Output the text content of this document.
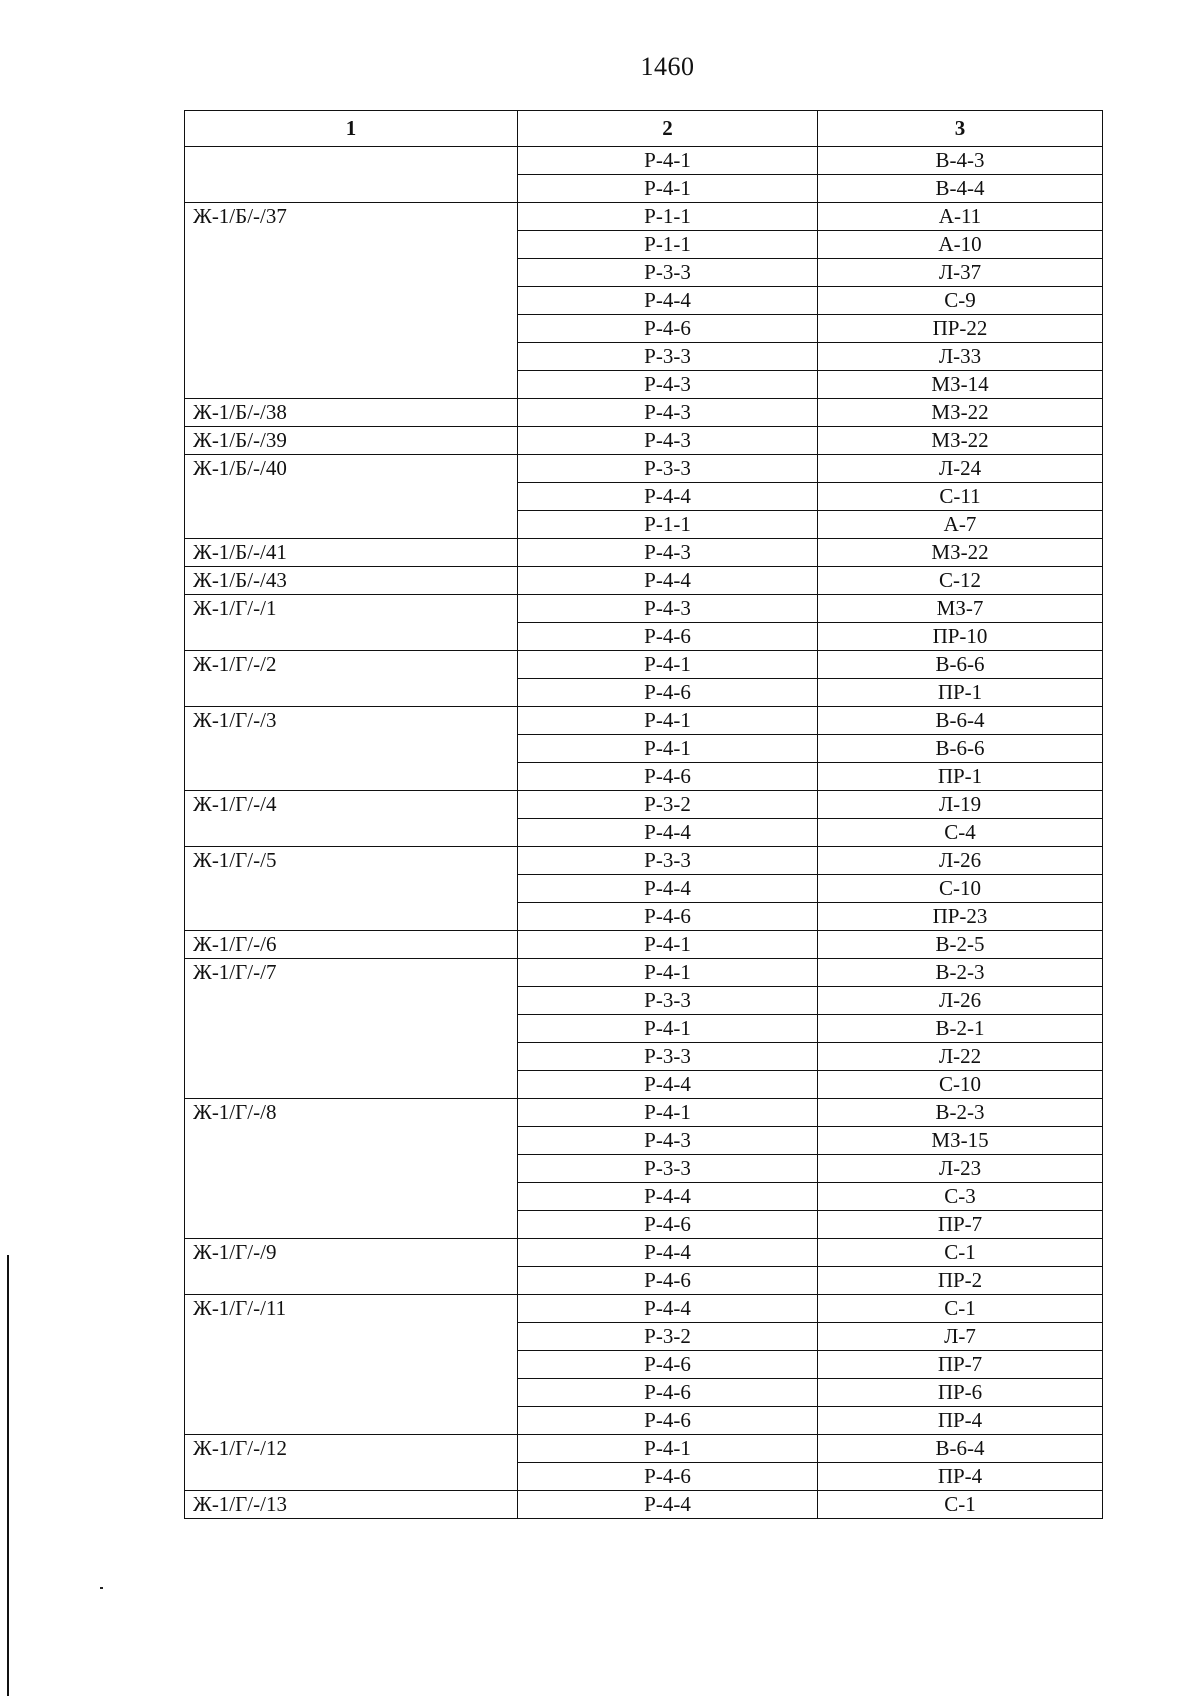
1460
1	2	3
	Р-4-1	В-4-3
	Р-4-1	В-4-4
Ж-1/Б/-/37	Р-1-1	А-11
	Р-1-1	А-10
	Р-3-3	Л-37
	Р-4-4	С-9
	Р-4-6	ПР-22
	Р-3-3	Л-33
	Р-4-3	МЗ-14
Ж-1/Б/-/38	Р-4-3	МЗ-22
Ж-1/Б/-/39	Р-4-3	МЗ-22
Ж-1/Б/-/40	Р-3-3	Л-24
	Р-4-4	С-11
	Р-1-1	А-7
Ж-1/Б/-/41	Р-4-3	МЗ-22
Ж-1/Б/-/43	Р-4-4	С-12
Ж-1/Г/-/1	Р-4-3	МЗ-7
	Р-4-6	ПР-10
Ж-1/Г/-/2	Р-4-1	В-6-6
	Р-4-6	ПР-1
Ж-1/Г/-/3	Р-4-1	В-6-4
	Р-4-1	В-6-6
	Р-4-6	ПР-1
Ж-1/Г/-/4	Р-3-2	Л-19
	Р-4-4	С-4
Ж-1/Г/-/5	Р-3-3	Л-26
	Р-4-4	С-10
	Р-4-6	ПР-23
Ж-1/Г/-/6	Р-4-1	В-2-5
Ж-1/Г/-/7	Р-4-1	В-2-3
	Р-3-3	Л-26
	Р-4-1	В-2-1
	Р-3-3	Л-22
	Р-4-4	С-10
Ж-1/Г/-/8	Р-4-1	В-2-3
	Р-4-3	МЗ-15
	Р-3-3	Л-23
	Р-4-4	С-3
	Р-4-6	ПР-7
Ж-1/Г/-/9	Р-4-4	С-1
	Р-4-6	ПР-2
Ж-1/Г/-/11	Р-4-4	С-1
	Р-3-2	Л-7
	Р-4-6	ПР-7
	Р-4-6	ПР-6
	Р-4-6	ПР-4
Ж-1/Г/-/12	Р-4-1	В-6-4
	Р-4-6	ПР-4
Ж-1/Г/-/13	Р-4-4	С-1
